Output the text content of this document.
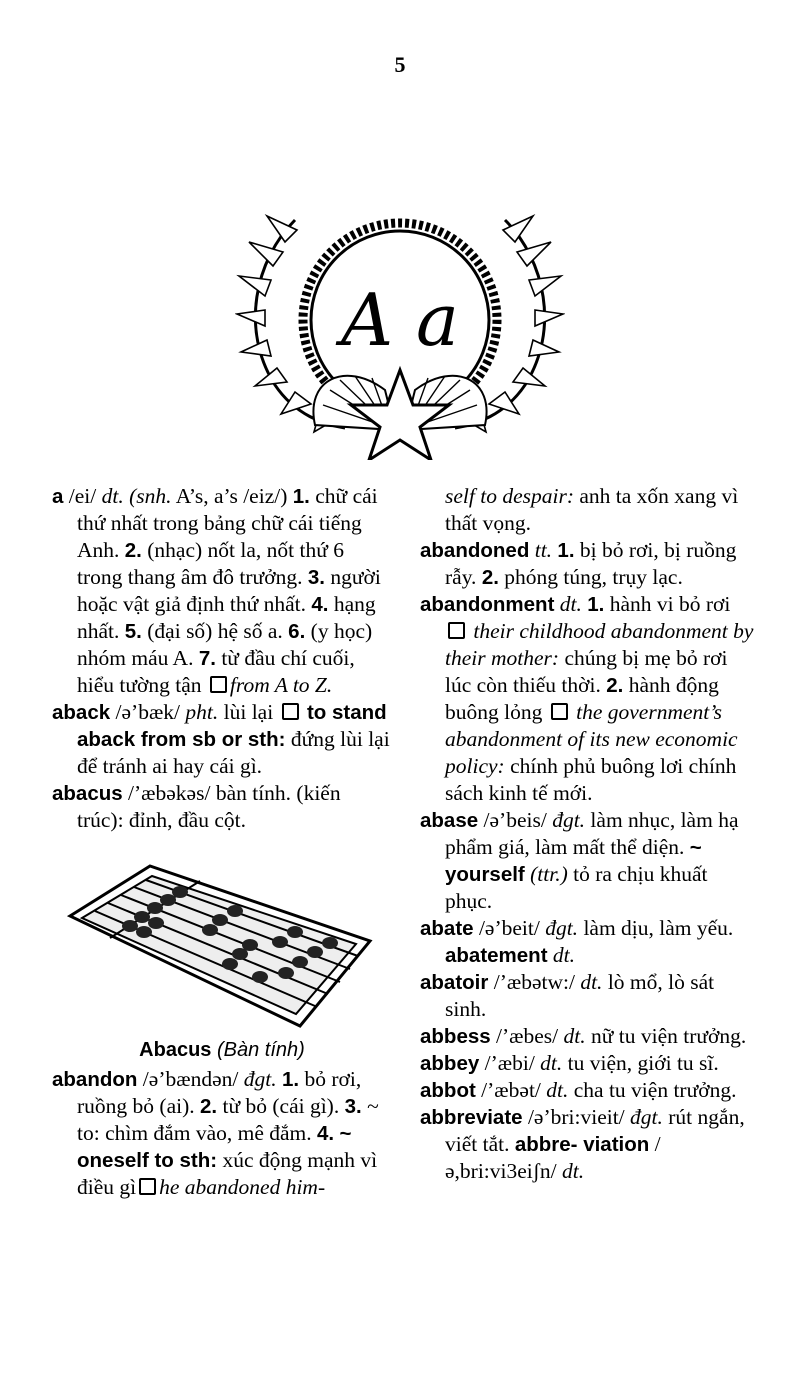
5
A a

a /ei/ dt. (snh. A’s, a’s /eiz/) 1. chữ cái thứ nhất trong bảng chữ cái tiếng Anh. 2. (nhạc) nốt la, nốt thứ 6 trong thang âm đô trưởng. 3. người hoặc vật giả định thứ nhất. 4. hạng nhất. 5. (đại số) hệ số a. 6. (y học) nhóm máu A. 7. từ đầu chí cuối, hiểu tường tận from A to Z.

aback /ə’bæk/ pht. lùi lại to stand aback from sb or sth: đứng lùi lại để tránh ai hay cái gì.

abacus /’æbəkəs/ bàn tính. (kiến trúc): đỉnh, đầu cột.

Abacus (Bàn tính)

abandon /ə’bændən/ đgt. 1. bỏ rơi, ruồng bỏ (ai). 2. từ bỏ (cái gì). 3. ~ to: chìm đắm vào, mê đắm. 4. ~ oneself to sth: xúc động mạnh vì điều gì he abandoned him-

self to despair: anh ta xốn xang vì thất vọng.

abandoned tt. 1. bị bỏ rơi, bị ruồng rẫy. 2. phóng túng, trụy lạc.

abandonment dt. 1. hành vi bỏ rơi  their childhood abandonment by their mother: chúng bị mẹ bỏ rơi lúc còn thiếu thời. 2. hành động buông lỏng the government’s abandonment of its new economic policy: chính phủ buông lơi chính sách kinh tế mới.

abase /ə’beis/ đgt. làm nhục, làm hạ phẩm giá, làm mất thể diện. ~ yourself (ttr.) tỏ ra chịu khuất phục.

abate /ə’beit/ đgt. làm dịu, làm yếu. abatement dt.

abatoir /’æbətw:/ dt. lò mổ, lò sát sinh.

abbess /’æbes/ dt. nữ tu viện trưởng.

abbey /’æbi/ dt. tu viện, giới tu sĩ.

abbot /’æbət/ dt. cha tu viện trưởng.

abbreviate /ə’bri:vieit/ đgt. rút ngắn, viết tắt. abbre- viation /ə,bri:vi3eiʃn/ dt.
